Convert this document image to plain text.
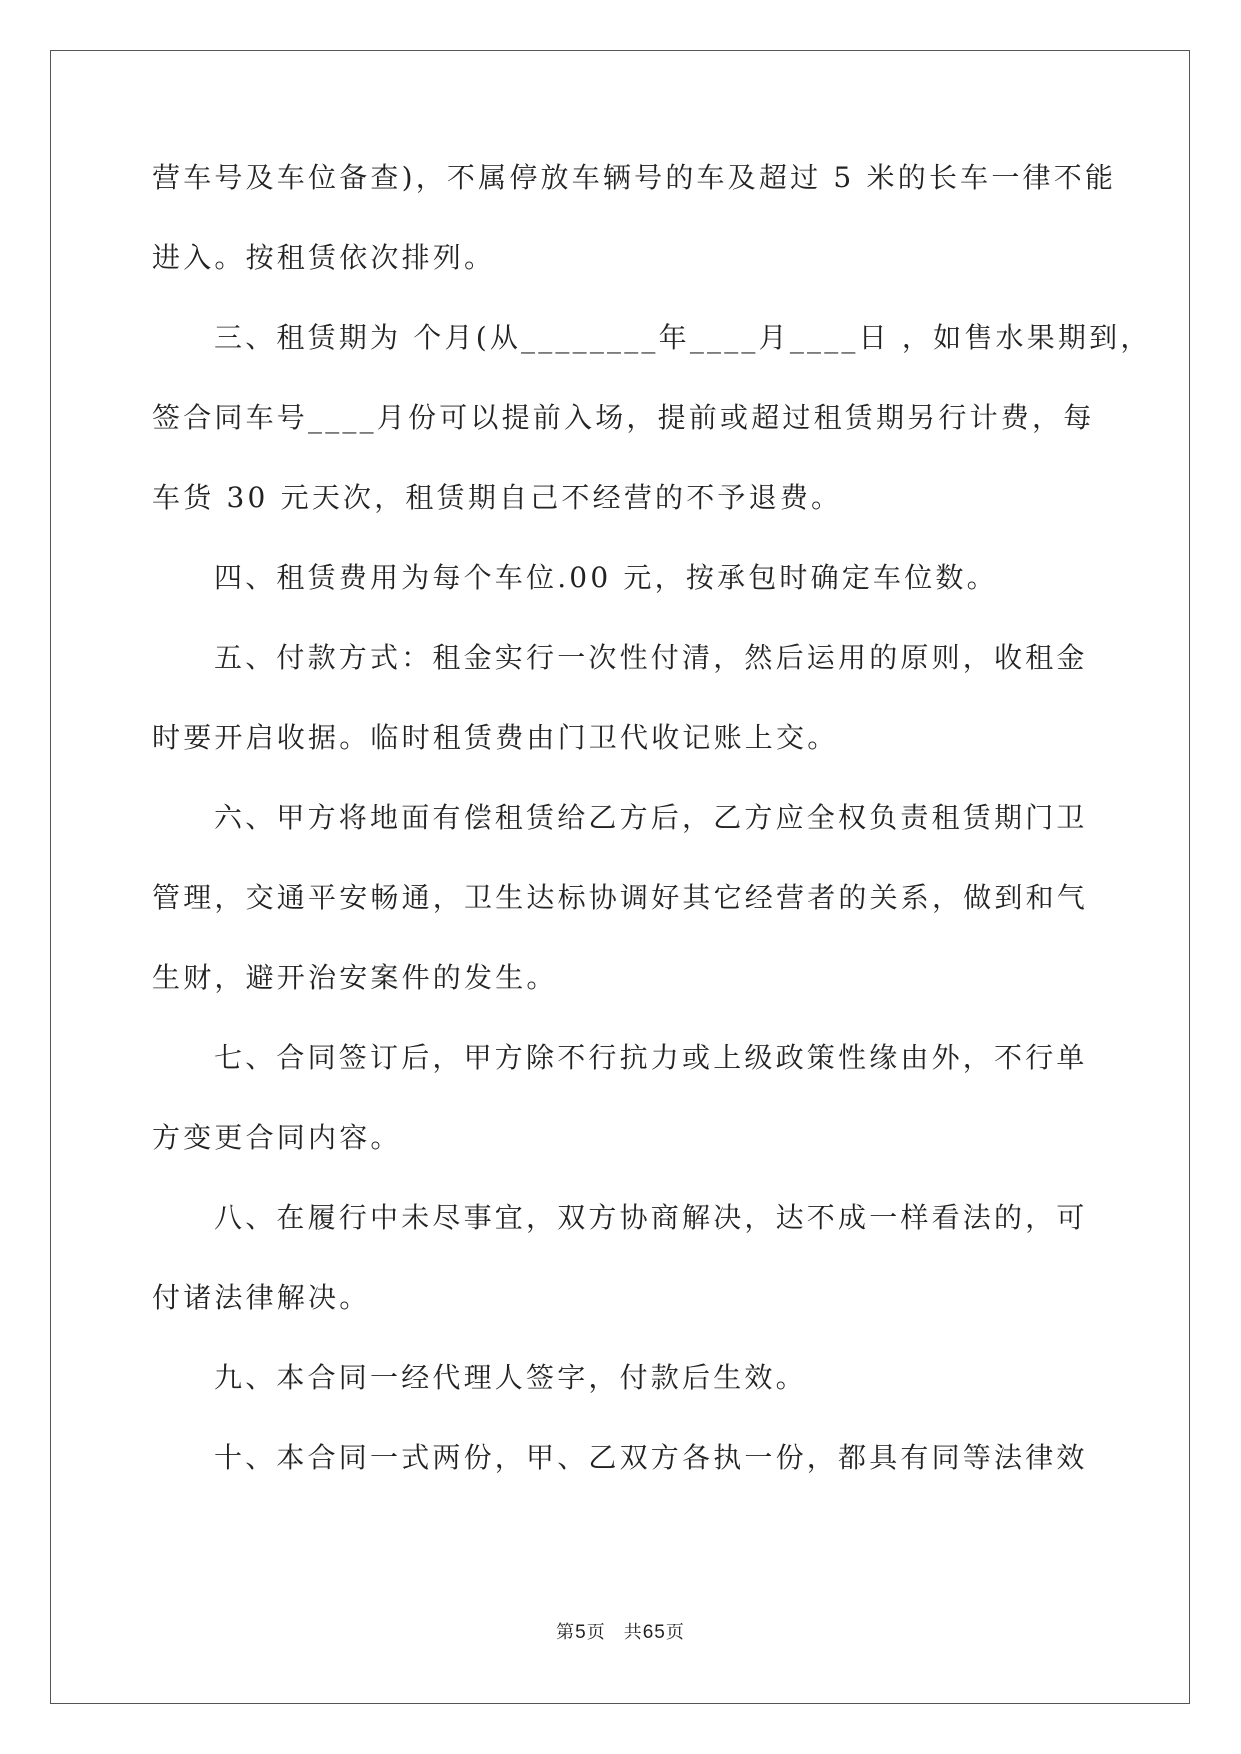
营车号及车位备查)，不属停放车辆号的车及超过 5 米的长车一律不能
进入。按租赁依次排列。
三、租赁期为 个月(从________年____月____日 ，如售水果期到，
签合同车号____月份可以提前入场，提前或超过租赁期另行计费，每
车货 30 元天次，租赁期自己不经营的不予退费。
四、租赁费用为每个车位.00 元，按承包时确定车位数。
五、付款方式：租金实行一次性付清，然后运用的原则，收租金
时要开启收据。临时租赁费由门卫代收记账上交。
六、甲方将地面有偿租赁给乙方后，乙方应全权负责租赁期门卫
管理，交通平安畅通，卫生达标协调好其它经营者的关系，做到和气
生财，避开治安案件的发生。
七、合同签订后，甲方除不行抗力或上级政策性缘由外，不行单
方变更合同内容。
八、在履行中未尽事宜，双方协商解决，达不成一样看法的，可
付诸法律解决。
九、本合同一经代理人签字，付款后生效。
十、本合同一式两份，甲、乙双方各执一份，都具有同等法律效
第5页 共65页
